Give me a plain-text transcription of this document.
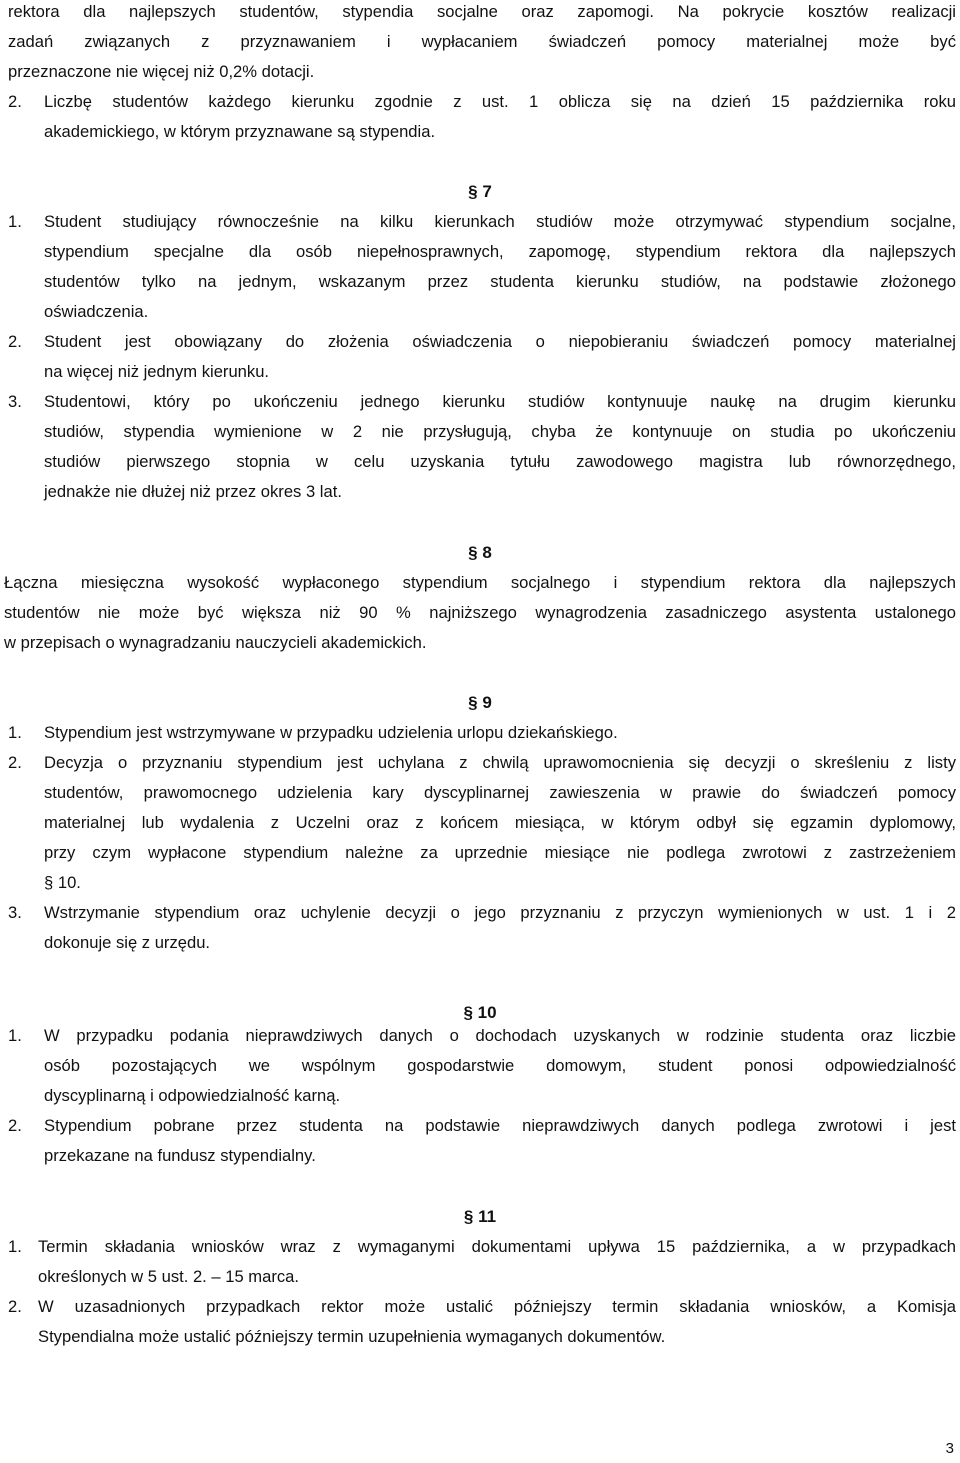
rektora dla najlepszych studentów, stypendia socjalne oraz zapomogi. Na pokrycie kosztów realizacji
zadań związanych z przyznawaniem i wypłacaniem świadczeń pomocy materialnej może być
przeznaczone nie więcej niż 0,2% dotacji.
2. Liczbę studentów każdego kierunku zgodnie z ust. 1 oblicza się na dzień 15 października roku
akademickiego, w którym przyznawane są stypendia.
§ 7
1. Student studiujący równocześnie na kilku kierunkach studiów może otrzymywać stypendium socjalne,
stypendium specjalne dla osób niepełnosprawnych, zapomogę, stypendium rektora dla najlepszych
studentów tylko na jednym, wskazanym przez studenta kierunku studiów, na podstawie złożonego
oświadczenia.
2. Student jest obowiązany do złożenia oświadczenia o niepobieraniu świadczeń pomocy materialnej
na więcej niż jednym kierunku.
3. Studentowi, który po ukończeniu jednego kierunku studiów kontynuuje naukę na drugim kierunku
studiów, stypendia wymienione w 2 nie przysługują, chyba że kontynuuje on studia po ukończeniu
studiów pierwszego stopnia w celu uzyskania tytułu zawodowego magistra lub równorzędnego,
jednakże nie dłużej niż przez okres 3 lat.
§ 8
Łączna miesięczna wysokość wypłaconego stypendium socjalnego i stypendium rektora dla najlepszych
studentów nie może być większa niż 90 % najniższego wynagrodzenia zasadniczego asystenta ustalonego
w przepisach o wynagradzaniu nauczycieli akademickich.
§ 9
1. Stypendium jest wstrzymywane w przypadku udzielenia urlopu dziekańskiego.
2. Decyzja o przyznaniu stypendium jest uchylana z chwilą uprawomocnienia się decyzji o skreśleniu z listy
studentów, prawomocnego udzielenia kary dyscyplinarnej zawieszenia w prawie do świadczeń pomocy
materialnej lub wydalenia z Uczelni oraz z końcem miesiąca, w którym odbył się egzamin dyplomowy,
przy czym wypłacone stypendium należne za uprzednie miesiące nie podlega zwrotowi z zastrzeżeniem
§ 10.
3. Wstrzymanie stypendium oraz uchylenie decyzji o jego przyznaniu z przyczyn wymienionych w ust. 1 i 2
dokonuje się z urzędu.
§ 10
1. W przypadku podania nieprawdziwych danych o dochodach uzyskanych w rodzinie studenta oraz liczbie
osób pozostających we wspólnym gospodarstwie domowym, student ponosi odpowiedzialność
dyscyplinarną i odpowiedzialność karną.
2. Stypendium pobrane przez studenta na podstawie nieprawdziwych danych podlega zwrotowi i jest
przekazane na fundusz stypendialny.
§ 11
1. Termin składania wniosków wraz z wymaganymi dokumentami upływa 15 października, a w przypadkach
określonych w 5 ust. 2. – 15 marca.
2. W uzasadnionych przypadkach rektor może ustalić późniejszy termin składania wniosków, a Komisja
Stypendialna może ustalić późniejszy termin uzupełnienia wymaganych dokumentów.
3
